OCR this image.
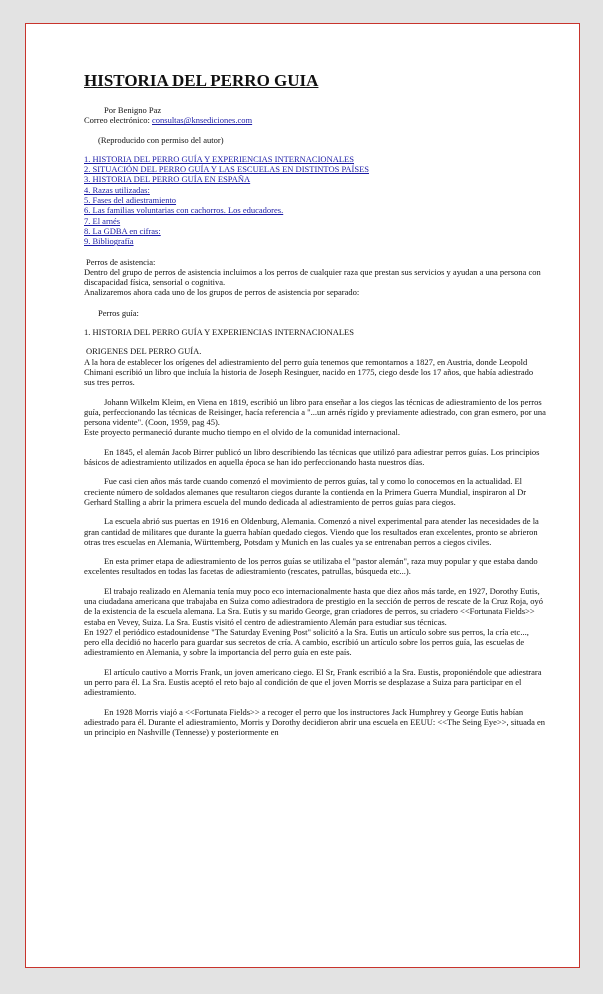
HISTORIA DEL PERRO GUIA

Por Benigno Paz
Correo electrónico: consultas@knsediciones.com

(Reproducido con permiso del autor)

1. HISTORIA DEL PERRO GUÍA Y EXPERIENCIAS INTERNACIONALES
2. SITUACIÓN DEL PERRO GUÍA Y LAS ESCUELAS EN DISTINTOS PAÍSES
3. HISTORIA DEL PERRO GUÍA EN ESPAÑA
4. Razas utilizadas:
5. Fases del adiestramiento
6. Las familias voluntarias con cachorros. Los educadores.
7. El arnés
8. La GDBA en cifras:
9. Bibliografía

Perros de asistencia:
Dentro del grupo de perros de asistencia incluimos a los perros de cualquier raza que prestan sus servicios y ayudan a una persona con discapacidad física, sensorial o cognitiva.
Analizaremos ahora cada uno de los grupos de perros de asistencia por separado:

Perros guía:

1. HISTORIA DEL PERRO GUÍA Y EXPERIENCIAS INTERNACIONALES

ORIGENES DEL PERRO GUÍA.
A la hora de establecer los orígenes del adiestramiento del perro guía tenemos que remontarnos a 1827, en Austria, donde Leopold Chimani escribió un libro que incluía la historia de Joseph Resinguer, nacido en 1775, ciego desde los 17 años, que había adiestrado sus tres perros.

Johann Wilkelm Kleim, en Viena en 1819, escribió un libro para enseñar a los ciegos las técnicas de adiestramiento de los perros guía, perfeccionando las técnicas de Reisinger, hacía referencia a "...un arnés rígido y previamente adiestrado, con gran esmero, por una persona vidente". (Coon, 1959, pag 45).
Este proyecto permaneció durante mucho tiempo en el olvido de la comunidad internacional.

En 1845, el alemán Jacob Birrer publicó un libro describiendo las técnicas que utilizó para adiestrar perros guías. Los principios básicos de adiestramiento utilizados en aquella época se han ido perfeccionando hasta nuestros días.

Fue casi cien años más tarde cuando comenzó el movimiento de perros guías, tal y como lo conocemos en la actualidad. El creciente número de soldados alemanes que resultaron ciegos durante la contienda en la Primera Guerra Mundial, inspiraron al Dr Gerhard Stalling a abrir la primera escuela del mundo dedicada al adiestramiento de perros guías para ciegos.

La escuela abrió sus puertas en 1916 en Oldenburg, Alemania. Comenzó a nivel experimental para atender las necesidades de la gran cantidad de militares que durante la guerra habían quedado ciegos. Viendo que los resultados eran excelentes, pronto se abrieron otras tres escuelas en Alemania, Württemberg, Potsdam y Munich en las cuales ya se entrenaban perros a ciegos civiles.

En esta primer etapa de adiestramiento de los perros guías se utilizaba el "pastor alemán", raza muy popular y que estaba dando excelentes resultados en todas las facetas de adiestramiento (rescates, patrullas, búsqueda etc...).

El trabajo realizado en Alemania tenía muy poco eco internacionalmente hasta que diez años más tarde, en 1927, Dorothy Eutis, una ciudadana americana que trabajaba en Suiza como adiestradora de prestigio en la sección de perros de rescate de la Cruz Roja, oyó de la existencia de la escuela alemana. La Sra. Eutis y su marido George, gran criadores de perros, su criadero <<Fortunata Fields>> estaba en Vevey, Suiza. La Sra. Eustis visitó el centro de adiestramiento Alemán para estudiar sus técnicas.
En 1927 el periódico estadounidense "The Saturday Evening Post" solicitó a la Sra. Eutis un artículo sobre sus perros, la cría etc..., pero ella decidió no hacerlo para guardar sus secretos de cría. A cambio, escribió un artículo sobre los perros guía, las escuelas de adiestramiento en Alemania, y sobre la importancia del perro guía en este país.

El artículo cautivo a Morris Frank, un joven americano ciego. El Sr, Frank escribió a la Sra. Eustis, proponiéndole que adiestrara un perro para él. La Sra. Eustis aceptó el reto bajo al condición de que el joven Morris se desplazase a Suiza para participar en el adiestramiento.

En 1928 Morris viajó a <<Fortunata Fields>> a recoger el perro que los instructores Jack Humphrey y George Eutis habían adiestrado para él. Durante el adiestramiento, Morris y Dorothy decidieron abrir una escuela en EEUU: <<The Seing Eye>>, situada en un principio en Nashville (Tennesse) y posteriormente en
